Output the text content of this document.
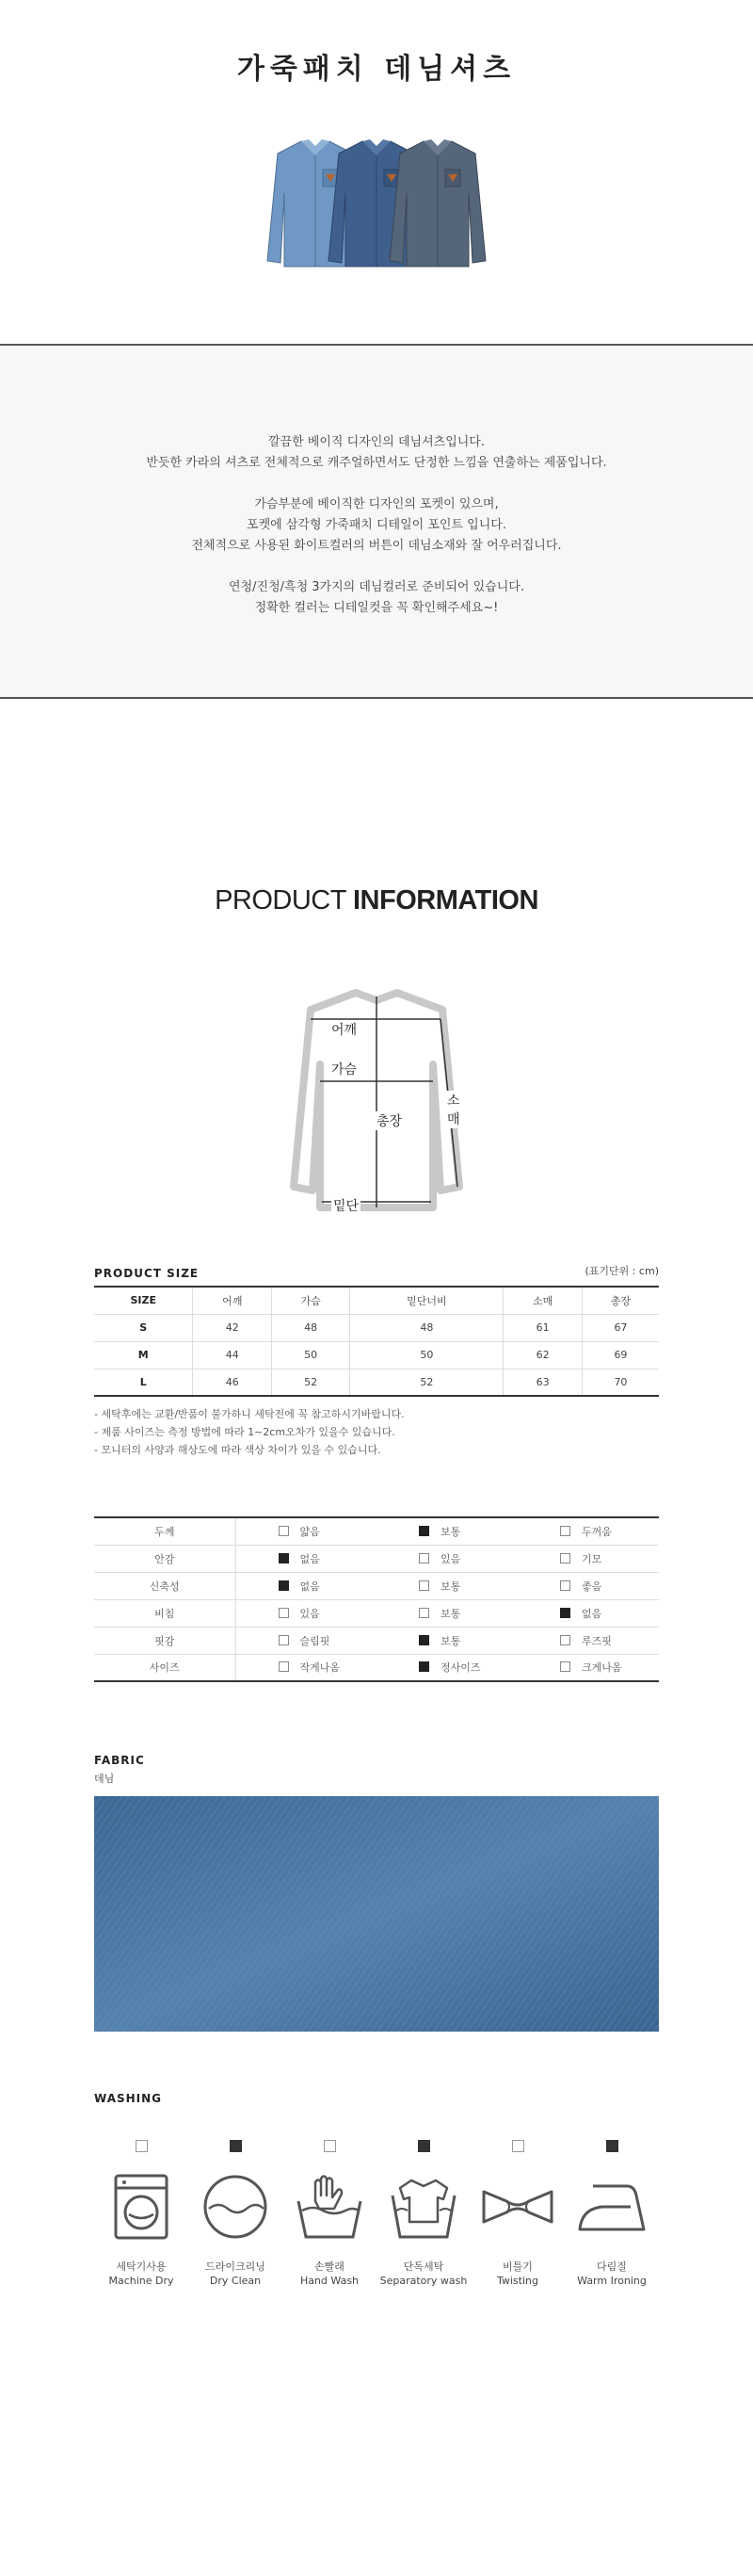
가죽패치 데님셔츠
깔끔한 베이직 디자인의 데님셔츠입니다.
반듯한 카라의 셔츠로 전체적으로 캐주얼하면서도 단정한 느낌을 연출하는 제품입니다.
가슴부분에 베이직한 디자인의 포켓이 있으며,
포켓에 삼각형 가죽패치 디테일이 포인트 입니다.
전체적으로 사용된 화이트컬러의 버튼이 데님소재와 잘 어우러집니다.
연청/진청/흑청 3가지의 데님컬러로 준비되어 있습니다.
정확한 컬러는 디테일컷을 꼭 확인해주세요~!
PRODUCT INFORMATION
어깨
가슴
총장
소매
밑단
PRODUCT SIZE	(표기단위 : cm)
SIZE	어깨	가슴	밑단너비	소매	총장
S	42	48	48	61	67
M	44	50	50	62	69
L	46	52	52	63	70
- 세탁후에는 교환/반품이 불가하니 세탁전에 꼭 참고하시기바랍니다.
- 제품 사이즈는 측정 방법에 따라 1~2cm오차가 있을수 있습니다.
- 모니터의 사양과 해상도에 따라 색상 차이가 있을 수 있습니다.
두께	얇음	보통	두꺼움
안감	없음	있음	기모
신축성	없음	보통	좋음
비침	있음	보통	없음
핏감	슬림핏	보통	루즈핏
사이즈	작게나옴	정사이즈	크게나옴
FABRIC
데님
WASHING
세탁기사용
Machine Dry
드라이크리닝
Dry Clean
손빨래
Hand Wash
단독세탁
Separatory wash
비틀기
Twisting
다림질
Warm Ironing
